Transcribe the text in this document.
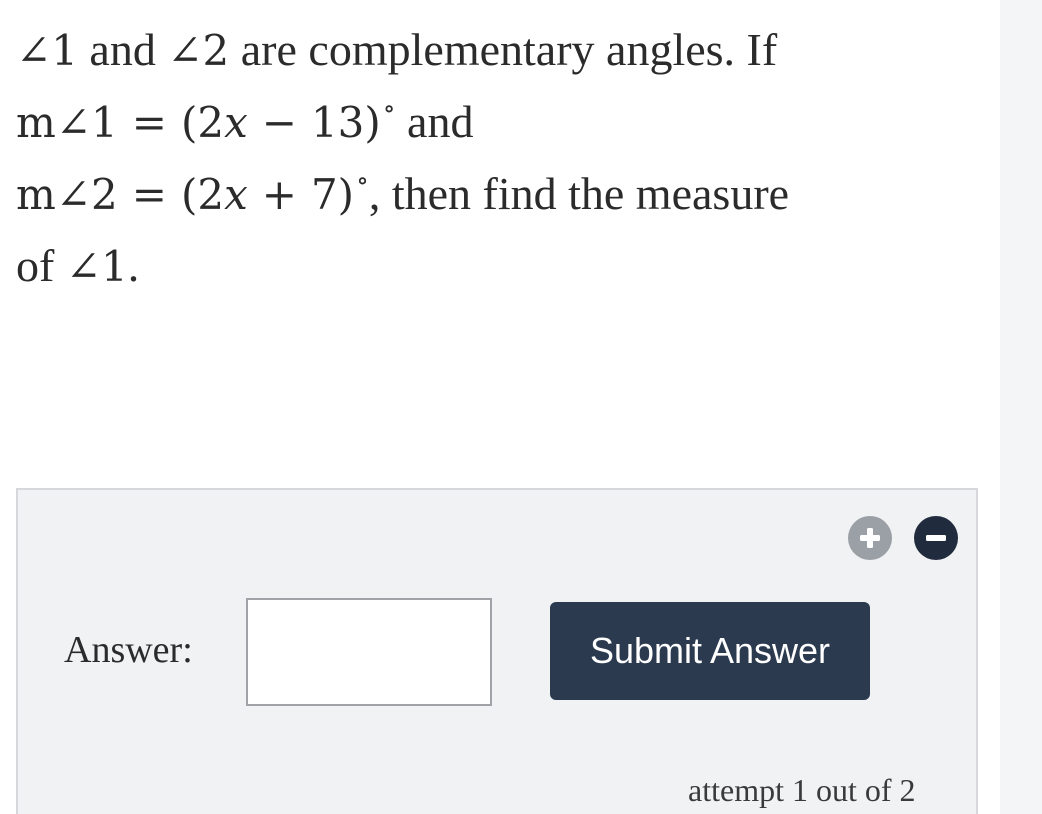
∠1 and ∠2 are complementary angles. If
m∠1 = (2x − 13)∘ and
m∠2 = (2x + 7)∘, then find the measure
of ∠1.
Answer:	Submit Answer
attempt 1 out of 2
